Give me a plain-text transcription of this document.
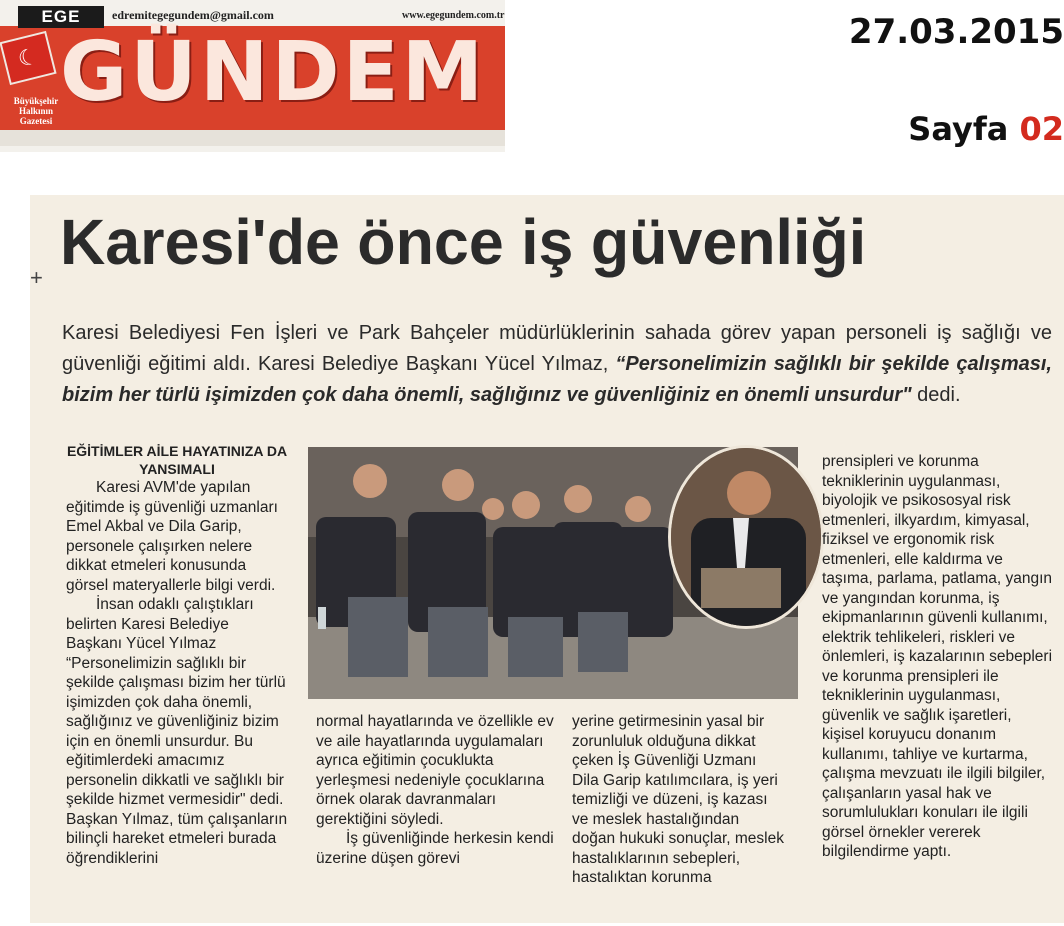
EGE	edremitegegundem@gmail.com	www.egegundem.com.tr
☾ GÜNDEM
Büyükşehir Halkının Gazetesi
27.03.2015
Sayfa 02
+ Karesi'de önce iş güvenliği
Karesi Belediyesi Fen İşleri ve Park Bahçeler müdürlüklerinin sahada görev yapan personeli iş sağlığı ve güvenliği eğitimi aldı. Karesi Belediye Başkanı Yücel Yılmaz, “Personelimizin sağlıklı bir şekilde çalışması, bizim her türlü işimizden çok daha önemli, sağlığınız ve güvenliğiniz en önemli unsurdur" dedi.
EĞİTİMLER AİLE HAYATINIZA DA YANSIMALI

Karesi AVM'de yapılan eğitimde iş güvenliği uzmanları Emel Akbal ve Dila Garip, personele çalışırken nelere dikkat etmeleri konusunda görsel materyallerle bilgi verdi.

İnsan odaklı çalıştıkları belirten Karesi Belediye Başkanı Yücel Yılmaz “Personelimizin sağlıklı bir şekilde çalışması bizim her türlü işimizden çok daha önemli, sağlığınız ve güvenliğiniz bizim için en önemli unsurdur. Bu eğitimlerdeki amacımız personelin dikkatli ve sağlıklı bir şekilde hizmet vermesidir" dedi. Başkan Yılmaz, tüm çalışanların bilinçli hareket etmeleri burada öğrendiklerini

normal hayatlarında ve özellikle ev ve aile hayatlarında uygulamaları ayrıca eğitimin çocuklukta yerleşmesi nedeniyle çocuklarına örnek olarak davranmaları gerektiğini söyledi.

İş güvenliğinde herkesin kendi üzerine düşen görevi

yerine getirmesinin yasal bir zorunluluk olduğuna dikkat çeken İş Güvenliği Uzmanı Dila Garip katılımcılara, iş yeri temizliği ve düzeni, iş kazası ve meslek hastalığından doğan hukuki sonuçlar, meslek hastalıklarının sebepleri, hastalıktan korunma

prensipleri ve korunma tekniklerinin uygulanması, biyolojik ve psikososyal risk etmenleri, ilkyardım, kimyasal, fiziksel ve ergonomik risk etmenleri, elle kaldırma ve taşıma, parlama, patlama, yangın ve yangından korunma, iş ekipmanlarının güvenli kullanımı, elektrik tehlikeleri, riskleri ve önlemleri, iş kazalarının sebepleri ve korunma prensipleri ile tekniklerinin uygulanması, güvenlik ve sağlık işaretleri, kişisel koruyucu donanım kullanımı, tahliye ve kurtarma, çalışma mevzuatı ile ilgili bilgiler, çalışanların yasal hak ve sorumlulukları konuları ile ilgili görsel örnekler vererek bilgilendirme yaptı.
